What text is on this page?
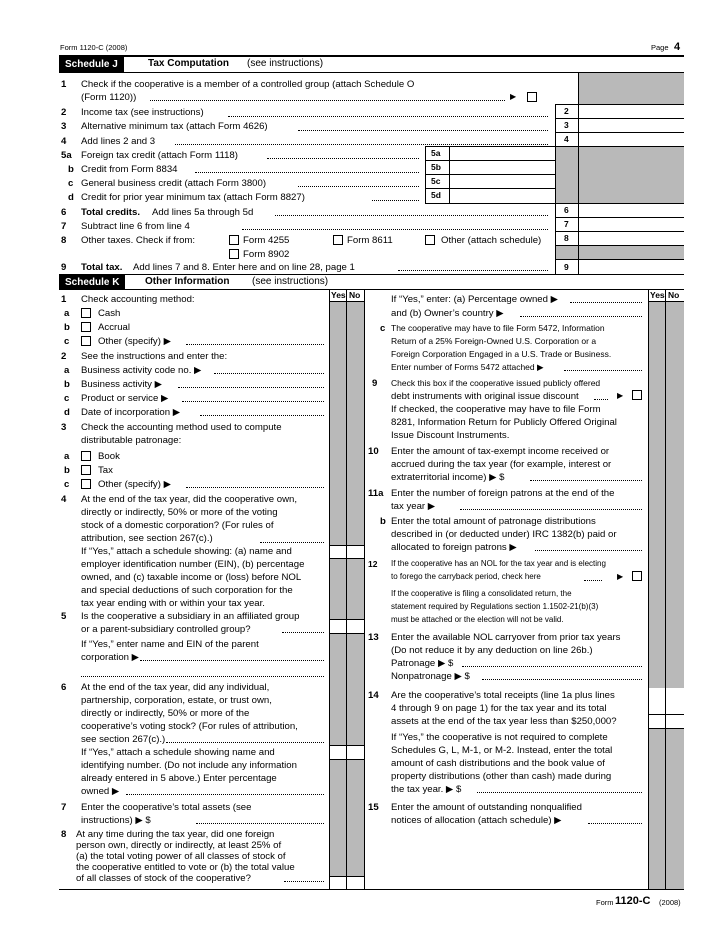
Form 1120-C (2008)	Page 4
Schedule J	Tax Computation (see instructions)
2
3
4
6
7
8
9
5a
5b
5c
5d
1 Check if the cooperative is a member of a controlled group (attach Schedule O
(Form 1120))	▶
2 Income tax (see instructions)
3 Alternative minimum tax (attach Form 4626)
4 Add lines 2 and 3
5a Foreign tax credit (attach Form 1118)
b Credit from Form 8834
c General business credit (attach Form 3800)
d Credit for prior year minimum tax (attach Form 8827)
6 Total credits. Add lines 5a through 5d
7 Subtract line 6 from line 4
8 Other taxes. Check if from:	Form 4255	Form 8611	Other (attach schedule)
Form 8902
9 Total tax. Add lines 7 and 8. Enter here and on line 28, page 1
Schedule K	Other Information (see instructions)
Yes No	Yes No
1 Check accounting method:
a	Cash
b	Accrual
c	Other (specify) ▶
2 See the instructions and enter the:
a Business activity code no. ▶
b Business activity ▶
c Product or service ▶
d Date of incorporation ▶
3 Check the accounting method used to compute
distributable patronage:
a	Book
b	Tax
c	Other (specify) ▶
4 At the end of the tax year, did the cooperative own,
directly or indirectly, 50% or more of the voting
stock of a domestic corporation? (For rules of
attribution, see section 267(c).)
If “Yes,” attach a schedule showing: (a) name and
employer identification number (EIN), (b) percentage
owned, and (c) taxable income or (loss) before NOL
and special deductions of such corporation for the
tax year ending with or within your tax year.
5 Is the cooperative a subsidiary in an affiliated group
or a parent-subsidiary controlled group?
If “Yes,” enter name and EIN of the parent
corporation ▶
6 At the end of the tax year, did any individual,
partnership, corporation, estate, or trust own,
directly or indirectly, 50% or more of the
cooperative’s voting stock? (For rules of attribution,
see section 267(c).)
If “Yes,” attach a schedule showing name and
identifying number. (Do not include any information
already entered in 5 above.) Enter percentage
owned ▶
7 Enter the cooperative’s total assets (see
instructions) ▶ $
8 At any time during the tax year, did one foreign
person own, directly or indirectly, at least 25% of
(a) the total voting power of all classes of stock of
the cooperative entitled to vote or (b) the total value
of all classes of stock of the cooperative?
If “Yes,” enter: (a) Percentage owned ▶
and (b) Owner’s country ▶
c The cooperative may have to file Form 5472, Information
Return of a 25% Foreign-Owned U.S. Corporation or a
Foreign Corporation Engaged in a U.S. Trade or Business.
Enter number of Forms 5472 attached ▶
9 Check this box if the cooperative issued publicly offered
debt instruments with original issue discount	▶
If checked, the cooperative may have to file Form
8281, Information Return for Publicly Offered Original
Issue Discount Instruments.
10 Enter the amount of tax-exempt income received or
accrued during the tax year (for example, interest or
extraterritorial income) ▶ $
11a Enter the number of foreign patrons at the end of the
tax year ▶
b Enter the total amount of patronage distributions
described in (or deducted under) IRC 1382(b) paid or
allocated to foreign patrons ▶
12 If the cooperative has an NOL for the tax year and is electing
to forego the carryback period, check here	▶
If the cooperative is filing a consolidated return, the
statement required by Regulations section 1.1502-21(b)(3)
must be attached or the election will not be valid.
13 Enter the available NOL carryover from prior tax years
(Do not reduce it by any deduction on line 26b.)
Patronage ▶ $
Nonpatronage ▶ $
14 Are the cooperative’s total receipts (line 1a plus lines
4 through 9 on page 1) for the tax year and its total
assets at the end of the tax year less than $250,000?
If “Yes,” the cooperative is not required to complete
Schedules G, L, M-1, or M-2. Instead, enter the total
amount of cash distributions and the book value of
property distributions (other than cash) made during
the tax year. ▶ $
15 Enter the amount of outstanding nonqualified
notices of allocation (attach schedule) ▶
Form 1120-C (2008)
